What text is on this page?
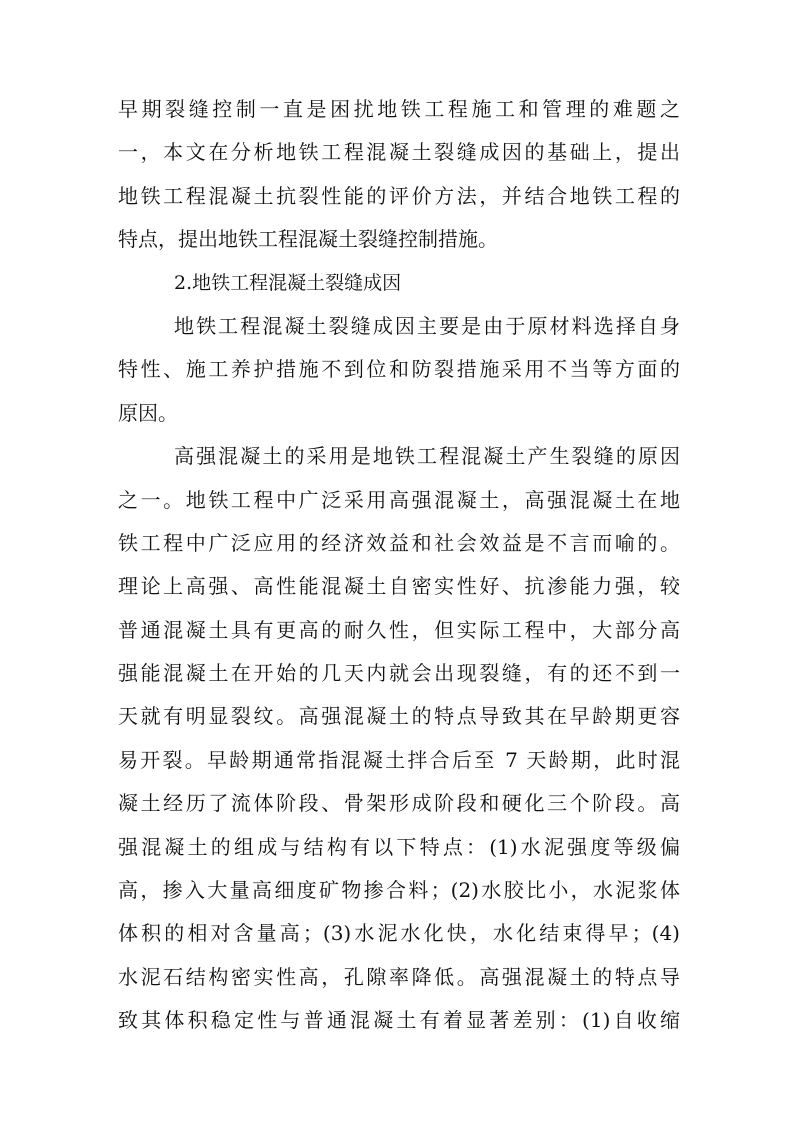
早期裂缝控制一直是困扰地铁工程施工和管理的难题之
一，本文在分析地铁工程混凝土裂缝成因的基础上，提出
地铁工程混凝土抗裂性能的评价方法，并结合地铁工程的
特点，提出地铁工程混凝土裂缝控制措施。
2.地铁工程混凝土裂缝成因
地铁工程混凝土裂缝成因主要是由于原材料选择自身
特性、施工养护措施不到位和防裂措施采用不当等方面的
原因。
高强混凝土的采用是地铁工程混凝土产生裂缝的原因
之一。地铁工程中广泛采用高强混凝土，高强混凝土在地
铁工程中广泛应用的经济效益和社会效益是不言而喻的。
理论上高强、高性能混凝土自密实性好、抗渗能力强，较
普通混凝土具有更高的耐久性，但实际工程中，大部分高
强能混凝土在开始的几天内就会出现裂缝，有的还不到一
天就有明显裂纹。高强混凝土的特点导致其在早龄期更容
易开裂。早龄期通常指混凝土拌合后至 7 天龄期，此时混
凝土经历了流体阶段、骨架形成阶段和硬化三个阶段。高
强混凝土的组成与结构有以下特点：(1)水泥强度等级偏
高，掺入大量高细度矿物掺合料；(2)水胶比小，水泥浆体
体积的相对含量高；(3)水泥水化快，水化结束得早；(4)
水泥石结构密实性高，孔隙率降低。高强混凝土的特点导
致其体积稳定性与普通混凝土有着显著差别：(1)自收缩
